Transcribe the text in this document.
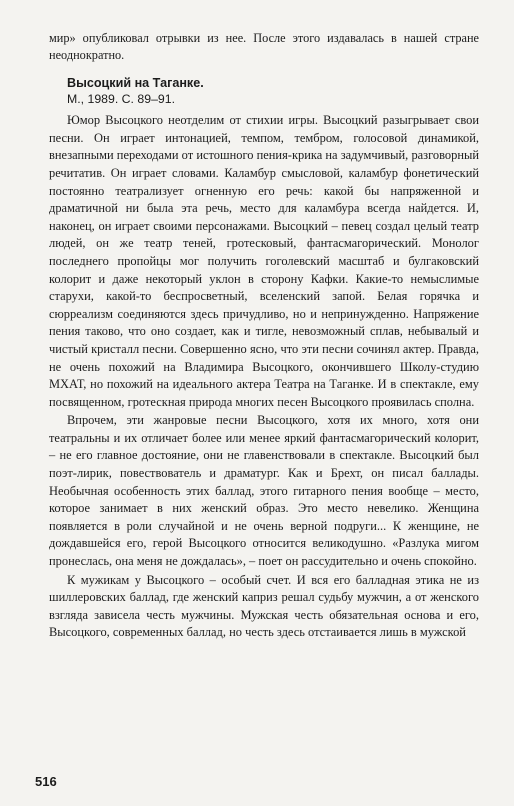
мир» опубликовал отрывки из нее. После этого издавалась в нашей стране неоднократно.

Высоцкий на Таганке.
М., 1989. С. 89–91.

Юмор Высоцкого неотделим от стихии игры. Высоцкий разыгрывает свои песни. Он играет интонацией, темпом, тембром, голосовой динамикой, внезапными переходами от истошного пения-крика на задумчивый, разговорный речитатив. Он играет словами. Каламбур смысловой, каламбур фонетический постоянно театрализует огненную его речь: какой бы напряженной и драматичной ни была эта речь, место для каламбура всегда найдется. И, наконец, он играет своими персонажами. Высоцкий – певец создал целый театр людей, он же театр теней, гротесковый, фантасмагорический. Монолог последнего пропойцы мог получить гоголевский масштаб и булгаковский колорит и даже некоторый уклон в сторону Кафки. Какие-то немыслимые старухи, какой-то беспросветный, вселенский запой. Белая горячка и сюрреализм соединяются здесь причудливо, но и непринужденно. Напряжение пения таково, что оно создает, как и тигле, невозможный сплав, небывалый и чистый кристалл песни. Совершенно ясно, что эти песни сочинял актер. Правда, не очень похожий на Владимира Высоцкого, окончившего Школу-студию МХАТ, но похожий на идеального актера Театра на Таганке. И в спектакле, ему посвященном, гротескная природа многих песен Высоцкого проявилась сполна.

Впрочем, эти жанровые песни Высоцкого, хотя их много, хотя они театральны и их отличает более или менее яркий фантасмагорический колорит, – не его главное достояние, они не главенствовали в спектакле. Высоцкий был поэт-лирик, повествователь и драматург. Как и Брехт, он писал баллады. Необычная особенность этих баллад, этого гитарного пения вообще – место, которое занимает в них женский образ. Это место невелико. Женщина появляется в роли случайной и не очень верной подруги... К женщине, не дождавшейся его, герой Высоцкого относится великодушно. «Разлука мигом пронеслась, она меня не дождалась», – поет он рассудительно и очень спокойно.

К мужикам у Высоцкого – особый счет. И вся его балладная этика не из шиллеровских баллад, где женский каприз решал судьбу мужчин, а от женского взгляда зависела честь мужчины. Мужская честь обязательная основа и его, Высоцкого, современных баллад, но честь здесь отстаивается лишь в мужской

516
